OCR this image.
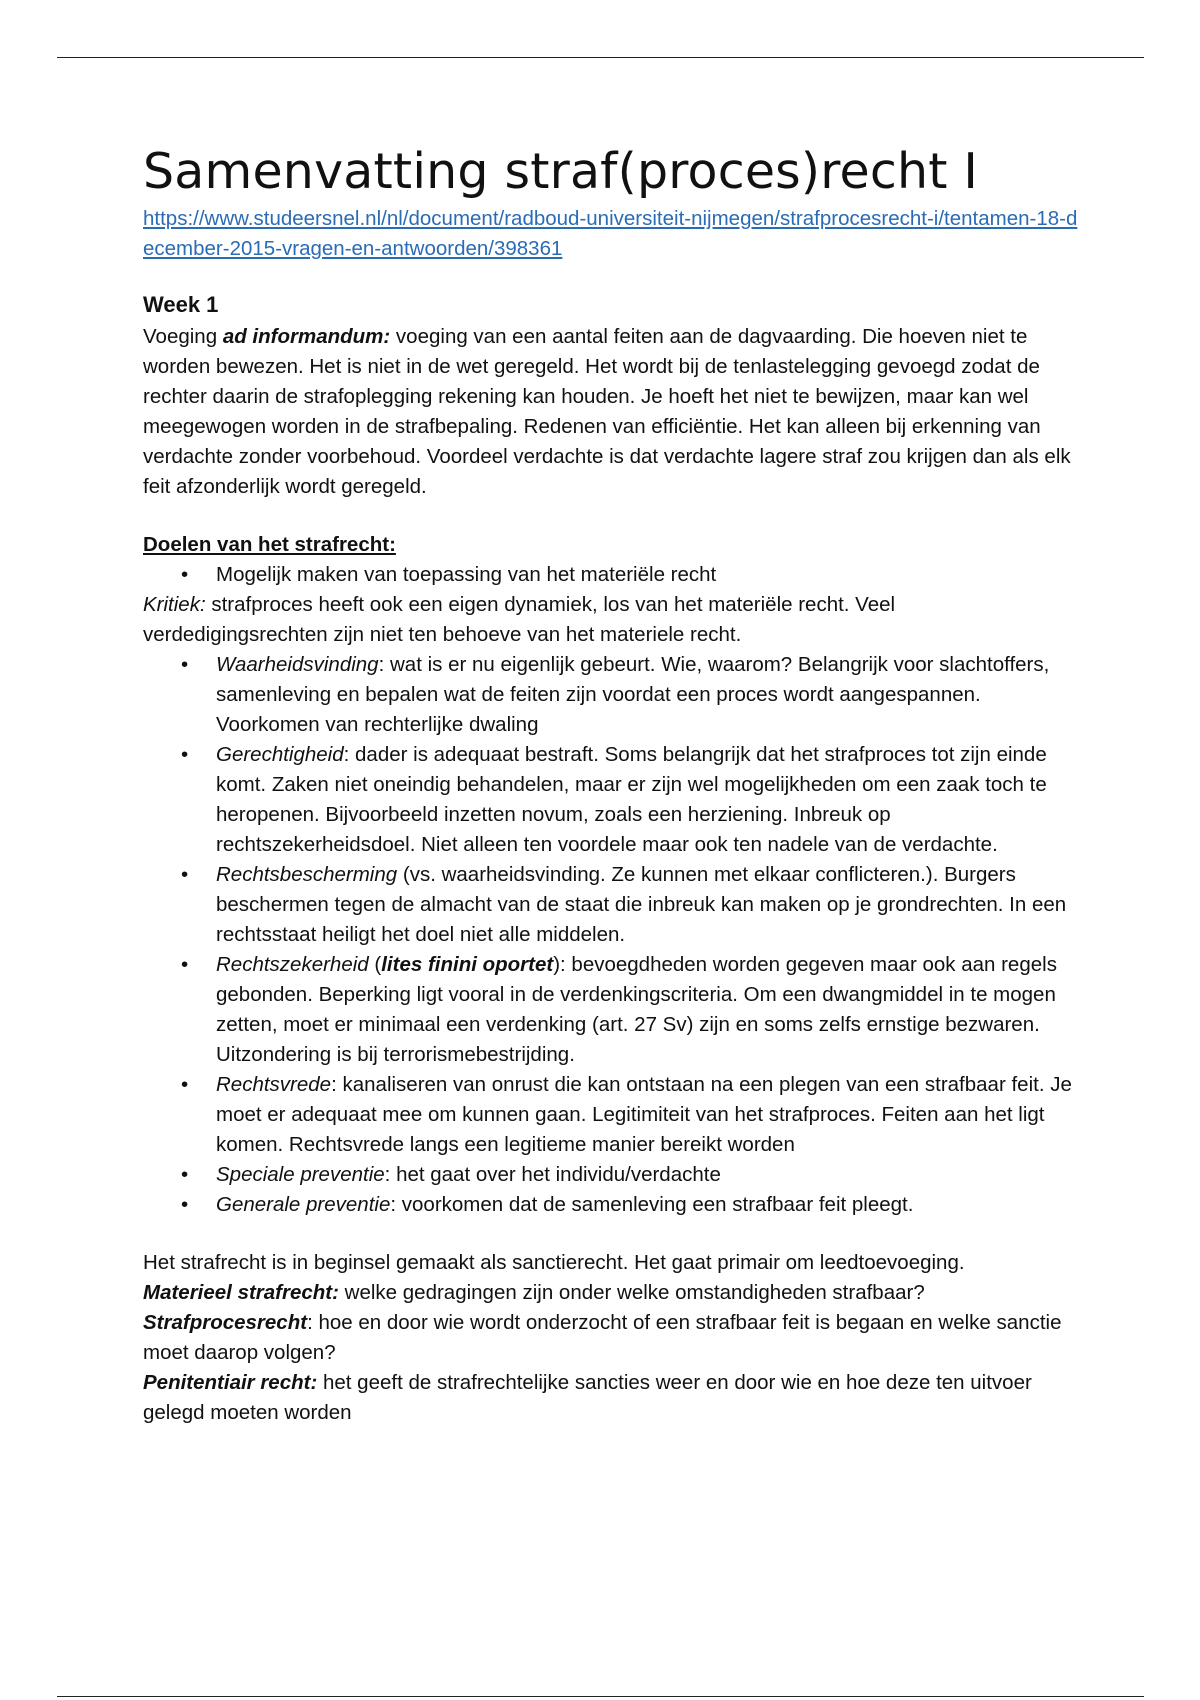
Samenvatting straf(proces)recht I
https://www.studeersnel.nl/nl/document/radboud-universiteit-nijmegen/strafprocesrecht-i/tentamen-18-december-2015-vragen-en-antwoorden/398361
Week 1

Voeging ad informandum: voeging van een aantal feiten aan de dagvaarding. Die hoeven niet te worden bewezen. Het is niet in de wet geregeld. Het wordt bij de tenlastelegging gevoegd zodat de rechter daarin de strafoplegging rekening kan houden. Je hoeft het niet te bewijzen, maar kan wel meegewogen worden in de strafbepaling. Redenen van efficiëntie. Het kan alleen bij erkenning van verdachte zonder voorbehoud. Voordeel verdachte is dat verdachte lagere straf zou krijgen dan als elk feit afzonderlijk wordt geregeld.

Doelen van het strafrecht:

• Mogelijk maken van toepassing van het materiële recht

Kritiek: strafproces heeft ook een eigen dynamiek, los van het materiële recht. Veel verdedigingsrechten zijn niet ten behoeve van het materiele recht.

• Waarheidsvinding: wat is er nu eigenlijk gebeurt. Wie, waarom? Belangrijk voor slachtoffers, samenleving en bepalen wat de feiten zijn voordat een proces wordt aangespannen. Voorkomen van rechterlijke dwaling
• Gerechtigheid: dader is adequaat bestraft. Soms belangrijk dat het strafproces tot zijn einde komt. Zaken niet oneindig behandelen, maar er zijn wel mogelijkheden om een zaak toch te heropenen. Bijvoorbeeld inzetten novum, zoals een herziening. Inbreuk op rechtszekerheidsdoel. Niet alleen ten voordele maar ook ten nadele van de verdachte.
• Rechtsbescherming (vs. waarheidsvinding. Ze kunnen met elkaar conflicteren.). Burgers beschermen tegen de almacht van de staat die inbreuk kan maken op je grondrechten. In een rechtsstaat heiligt het doel niet alle middelen.
• Rechtszekerheid (lites finini oportet): bevoegdheden worden gegeven maar ook aan regels gebonden. Beperking ligt vooral in de verdenkingscriteria. Om een dwangmiddel in te mogen zetten, moet er minimaal een verdenking (art. 27 Sv) zijn en soms zelfs ernstige bezwaren. Uitzondering is bij terrorismebestrijding.
• Rechtsvrede: kanaliseren van onrust die kan ontstaan na een plegen van een strafbaar feit. Je moet er adequaat mee om kunnen gaan. Legitimiteit van het strafproces. Feiten aan het ligt komen. Rechtsvrede langs een legitieme manier bereikt worden
• Speciale preventie: het gaat over het individu/verdachte
• Generale preventie: voorkomen dat de samenleving een strafbaar feit pleegt.

Het strafrecht is in beginsel gemaakt als sanctierecht. Het gaat primair om leedtoevoeging.

Materieel strafrecht: welke gedragingen zijn onder welke omstandigheden strafbaar?

Strafprocesrecht: hoe en door wie wordt onderzocht of een strafbaar feit is begaan en welke sanctie moet daarop volgen?

Penitentiair recht: het geeft de strafrechtelijke sancties weer en door wie en hoe deze ten uitvoer gelegd moeten worden
